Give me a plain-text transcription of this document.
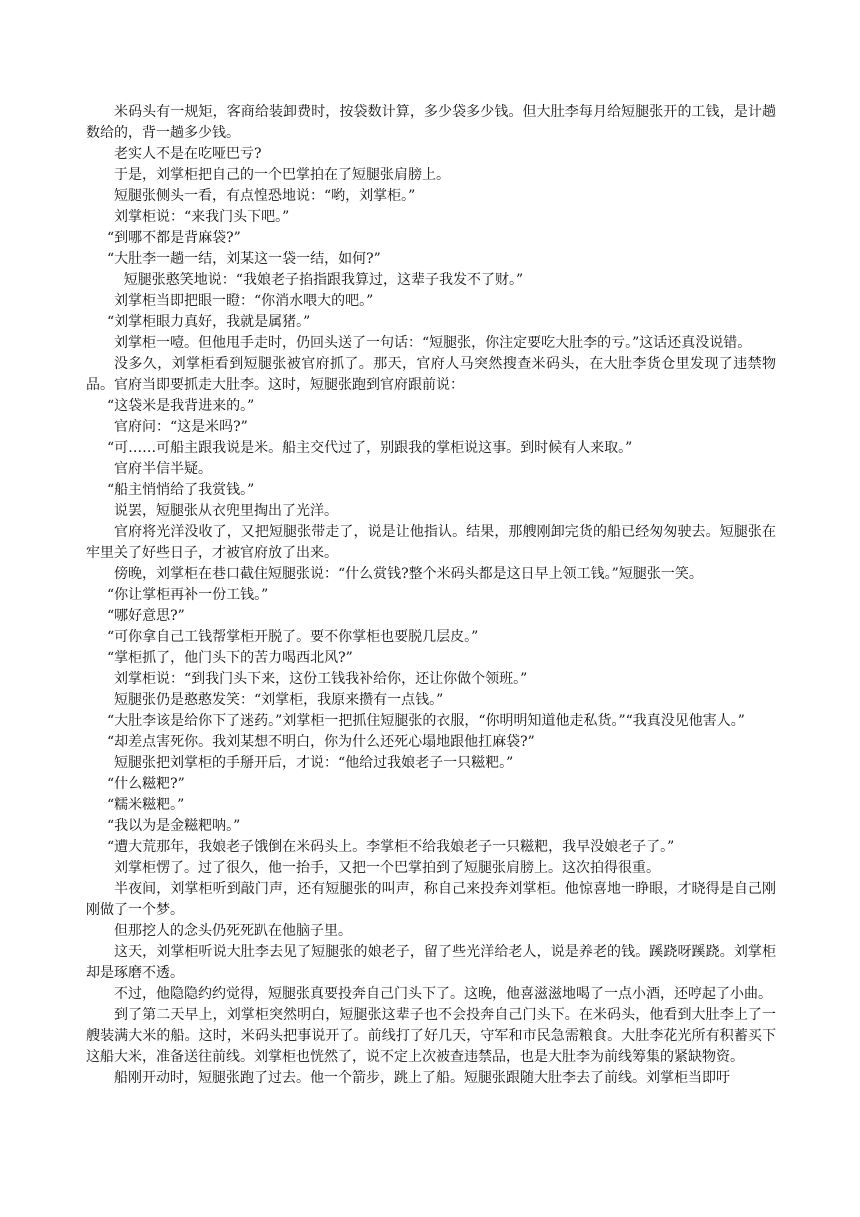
米码头有一规矩，客商给装卸费时，按袋数计算，多少袋多少钱。但大肚李每月给短腿张开的工钱，是计趟数给的，背一趟多少钱。

老实人不是在吃哑巴亏?

于是，刘掌柜把自己的一个巴掌拍在了短腿张肩膀上。

短腿张侧头一看，有点惶恐地说：“哟，刘掌柜。”

刘掌柜说：“来我门头下吧。”

“到哪不都是背麻袋?”

“大肚李一趟一结，刘某这一袋一结，如何?”

短腿张憨笑地说：“我娘老子掐指跟我算过，这辈子我发不了财。”

刘掌柜当即把眼一瞪：“你消水喂大的吧。”

“刘掌柜眼力真好，我就是属猪。”

刘掌柜一噎。但他甩手走时，仍回头送了一句话：“短腿张，你注定要吃大肚李的亏。”这话还真没说错。

没多久，刘掌柜看到短腿张被官府抓了。那天，官府人马突然搜查米码头，在大肚李货仓里发现了违禁物品。官府当即要抓走大肚李。这时，短腿张跑到官府跟前说：

“这袋米是我背进来的。”

官府问：“这是米吗?”

“可……可船主跟我说是米。船主交代过了，别跟我的掌柜说这事。到时候有人来取。”

官府半信半疑。

“船主悄悄给了我赏钱。”

说罢，短腿张从衣兜里掏出了光洋。

官府将光洋没收了，又把短腿张带走了，说是让他指认。结果，那艘刚卸完货的船已经匆匆驶去。短腿张在牢里关了好些日子，才被官府放了出来。

傍晚，刘掌柜在巷口截住短腿张说：“什么赏钱?整个米码头都是这日早上领工钱。”短腿张一笑。

“你让掌柜再补一份工钱。”

“哪好意思?”

“可你拿自己工钱帮掌柜开脱了。要不你掌柜也要脱几层皮。”

“掌柜抓了，他门头下的苦力喝西北风?”

刘掌柜说：“到我门头下来，这份工钱我补给你，还让你做个领班。”

短腿张仍是憨憨发笑：“刘掌柜，我原来攒有一点钱。”

“大肚李该是给你下了迷药。”刘掌柜一把抓住短腿张的衣服，“你明明知道他走私货。”“我真没见他害人。”

“却差点害死你。我刘某想不明白，你为什么还死心塌地跟他扛麻袋?”

短腿张把刘掌柜的手掰开后，才说：“他给过我娘老子一只糍粑。”

“什么糍粑?”

“糯米糍粑。”

“我以为是金糍粑呐。”

“遭大荒那年，我娘老子饿倒在米码头上。李掌柜不给我娘老子一只糍粑，我早没娘老子了。”

刘掌柜愣了。过了很久，他一抬手，又把一个巴掌拍到了短腿张肩膀上。这次拍得很重。

半夜间，刘掌柜听到敲门声，还有短腿张的叫声，称自己来投奔刘掌柜。他惊喜地一睁眼，才晓得是自己刚刚做了一个梦。

但那挖人的念头仍死死趴在他脑子里。

这天，刘掌柜听说大肚李去见了短腿张的娘老子，留了些光洋给老人，说是养老的钱。蹊跷呀蹊跷。刘掌柜却是琢磨不透。

不过，他隐隐约约觉得，短腿张真要投奔自己门头下了。这晚，他喜滋滋地喝了一点小酒，还哼起了小曲。

到了第二天早上，刘掌柜突然明白，短腿张这辈子也不会投奔自己门头下。在米码头，他看到大肚李上了一艘装满大米的船。这时，米码头把事说开了。前线打了好几天，守军和市民急需粮食。大肚李花光所有积蓄买下这船大米，准备送往前线。刘掌柜也恍然了，说不定上次被查违禁品，也是大肚李为前线筹集的紧缺物资。

船刚开动时，短腿张跑了过去。他一个箭步，跳上了船。短腿张跟随大肚李去了前线。刘掌柜当即吁
